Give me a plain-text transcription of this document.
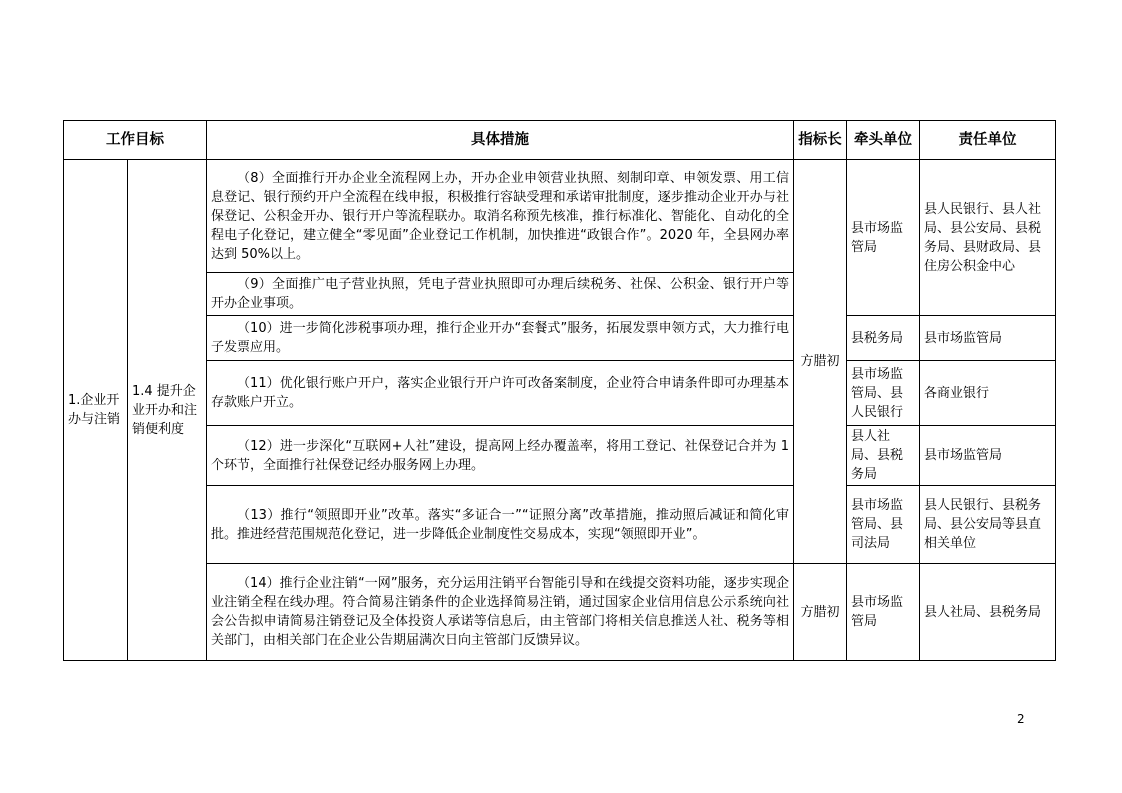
工作目标		具体措施	指标长	牵头单位	责任单位
1.企业开办与注销	1.4 提升企业开办和注销便利度	（8）全面推行开办企业全流程网上办，开办企业申领营业执照、刻制印章、申领发票、用工信息登记、银行预约开户全流程在线申报，积极推行容缺受理和承诺审批制度，逐步推动企业开办与社保登记、公积金开办、银行开户等流程联办。取消名称预先核准，推行标准化、智能化、自动化的全程电子化登记，建立健全“零见面”企业登记工作机制，加快推进“政银合作”。2020 年，全县网办率达到 50%以上。	方腊初	县市场监管局	县人民银行、县人社局、县公安局、县税务局、县财政局、县住房公积金中心
		（9）全面推广电子营业执照，凭电子营业执照即可办理后续税务、社保、公积金、银行开户等开办企业事项。			
		（10）进一步简化涉税事项办理，推行企业开办“套餐式”服务，拓展发票申领方式，大力推行电子发票应用。		县税务局	县市场监管局
		（11）优化银行账户开户，落实企业银行开户许可改备案制度，企业符合申请条件即可办理基本存款账户开立。		县市场监管局、县人民银行	各商业银行
		（12）进一步深化“互联网+人社”建设，提高网上经办覆盖率，将用工登记、社保登记合并为 1 个环节，全面推行社保登记经办服务网上办理。		县人社局、县税务局	县市场监管局
		（13）推行“领照即开业”改革。落实“多证合一”“证照分离”改革措施，推动照后减证和简化审批。推进经营范围规范化登记，进一步降低企业制度性交易成本，实现“领照即开业”。		县市场监管局、县司法局	县人民银行、县税务局、县公安局等县直相关单位
		（14）推行企业注销“一网”服务，充分运用注销平台智能引导和在线提交资料功能，逐步实现企业注销全程在线办理。符合简易注销条件的企业选择简易注销，通过国家企业信用信息公示系统向社会公告拟申请简易注销登记及全体投资人承诺等信息后，由主管部门将相关信息推送人社、税务等相关部门，由相关部门在企业公告期届满次日向主管部门反馈异议。	方腊初	县市场监管局	县人社局、县税务局
2
